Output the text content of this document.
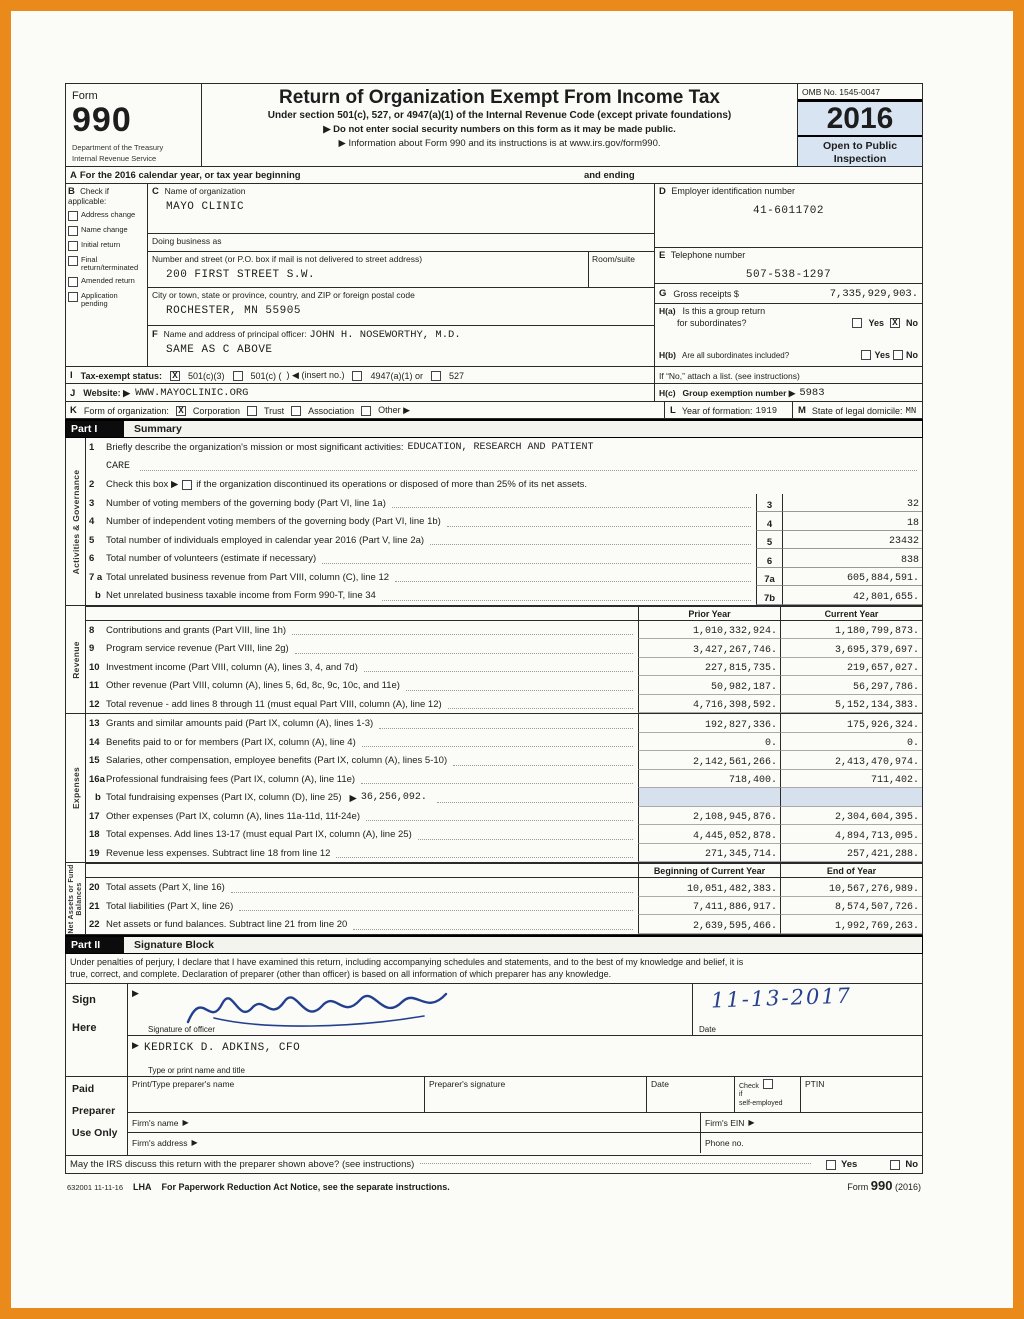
Form
990
Department of the Treasury
Internal Revenue Service
Return of Organization Exempt From Income Tax
Under section 501(c), 527, or 4947(a)(1) of the Internal Revenue Code (except private foundations)
▶ Do not enter social security numbers on this form as it may be made public.
▶ Information about Form 990 and its instructions is at www.irs.gov/form990.
OMB No. 1545-0047
2016
Open to Public
Inspection
A For the 2016 calendar year, or tax year beginning	and ending
B Check if applicable:
Address change
Name change
Initial return
Final return/terminated
Amended return
Application pending
C Name of organization
MAYO CLINIC
Doing business as
Number and street (or P.O. box if mail is not delivered to street address)
200 FIRST STREET S.W.
Room/suite
City or town, state or province, country, and ZIP or foreign postal code
ROCHESTER, MN 55905
F Name and address of principal officer: JOHN H. NOSEWORTHY, M.D.
SAME AS C ABOVE
D Employer identification number
41-6011702
E Telephone number
507-538-1297
G Gross receipts $	7,335,929,903.
H(a) Is this a group return
for subordinates?	Yes X No
H(b) Are all subordinates included?	Yes No
I Tax-exempt status: X 501(c)(3)	501(c) ( ) ◀ (insert no.)	4947(a)(1) or	527	If “No,” attach a list. (see instructions)
J Website: ▶ WWW.MAYOCLINIC.ORG	H(c) Group exemption number ▶ 5983
K Form of organization: X Corporation	Trust	Association	Other ▶	L Year of formation: 1919 M State of legal domicile: MN
Part I	Summary
Activities & Governance
1	Briefly describe the organization's mission or most significant activities: EDUCATION, RESEARCH AND PATIENT
CARE
2	Check this box ▶ if the organization discontinued its operations or disposed of more than 25% of its net assets.
3	Number of voting members of the governing body (Part VI, line 1a)	3	32
4	Number of independent voting members of the governing body (Part VI, line 1b)	4	18
5	Total number of individuals employed in calendar year 2016 (Part V, line 2a)	5	23432
6	Total number of volunteers (estimate if necessary)	6	838
7 a Total unrelated business revenue from Part VIII, column (C), line 12	7a	605,884,591.
b Net unrelated business taxable income from Form 990-T, line 34	7b	42,801,655.
Revenue
Prior Year	Current Year
8	Contributions and grants (Part VIII, line 1h)	1,010,332,924.	1,180,799,873.
9	Program service revenue (Part VIII, line 2g)	3,427,267,746.	3,695,379,697.
10 Investment income (Part VIII, column (A), lines 3, 4, and 7d)	227,815,735.	219,657,027.
11 Other revenue (Part VIII, column (A), lines 5, 6d, 8c, 9c, 10c, and 11e)	50,982,187.	56,297,786.
12 Total revenue - add lines 8 through 11 (must equal Part VIII, column (A), line 12)	4,716,398,592.	5,152,134,383.
Expenses
13 Grants and similar amounts paid (Part IX, column (A), lines 1-3)	192,827,336.	175,926,324.
14 Benefits paid to or for members (Part IX, column (A), line 4)	0.	0.
15 Salaries, other compensation, employee benefits (Part IX, column (A), lines 5-10)	2,142,561,266.	2,413,470,974.
16a Professional fundraising fees (Part IX, column (A), line 11e)	718,400.	711,402.
b Total fundraising expenses (Part IX, column (D), line 25) ▶ 36,256,092.
17 Other expenses (Part IX, column (A), lines 11a-11d, 11f-24e)	2,108,945,876.	2,304,604,395.
18 Total expenses. Add lines 13-17 (must equal Part IX, column (A), line 25)	4,445,052,878.	4,894,713,095.
19 Revenue less expenses. Subtract line 18 from line 12	271,345,714.	257,421,288.
Net Assets or Fund Balances
Beginning of Current Year	End of Year
20 Total assets (Part X, line 16)	10,051,482,383.	10,567,276,989.
21 Total liabilities (Part X, line 26)	7,411,886,917.	8,574,507,726.
22 Net assets or fund balances. Subtract line 21 from line 20	2,639,595,466.	1,992,769,263.
Part II	Signature Block
Under penalties of perjury, I declare that I have examined this return, including accompanying schedules and statements, and to the best of my knowledge and belief, it is
true, correct, and complete. Declaration of preparer (other than officer) is based on all information of which preparer has any knowledge.
Sign
Here
▶
Signature of officer
11-13-2017
Date
▶ KEDRICK D. ADKINS, CFO
Type or print name and title
Paid
Preparer
Use Only
Print/Type preparer's name	Preparer's signature	Date	Check
if
self-employed
PTIN
Firm's name ▶	Firm's EIN ▶
Firm's address ▶	Phone no.
May the IRS discuss this return with the preparer shown above? (see instructions)	Yes	No
632001 11-11-16 LHA For Paperwork Reduction Act Notice, see the separate instructions.	Form 990 (2016)
